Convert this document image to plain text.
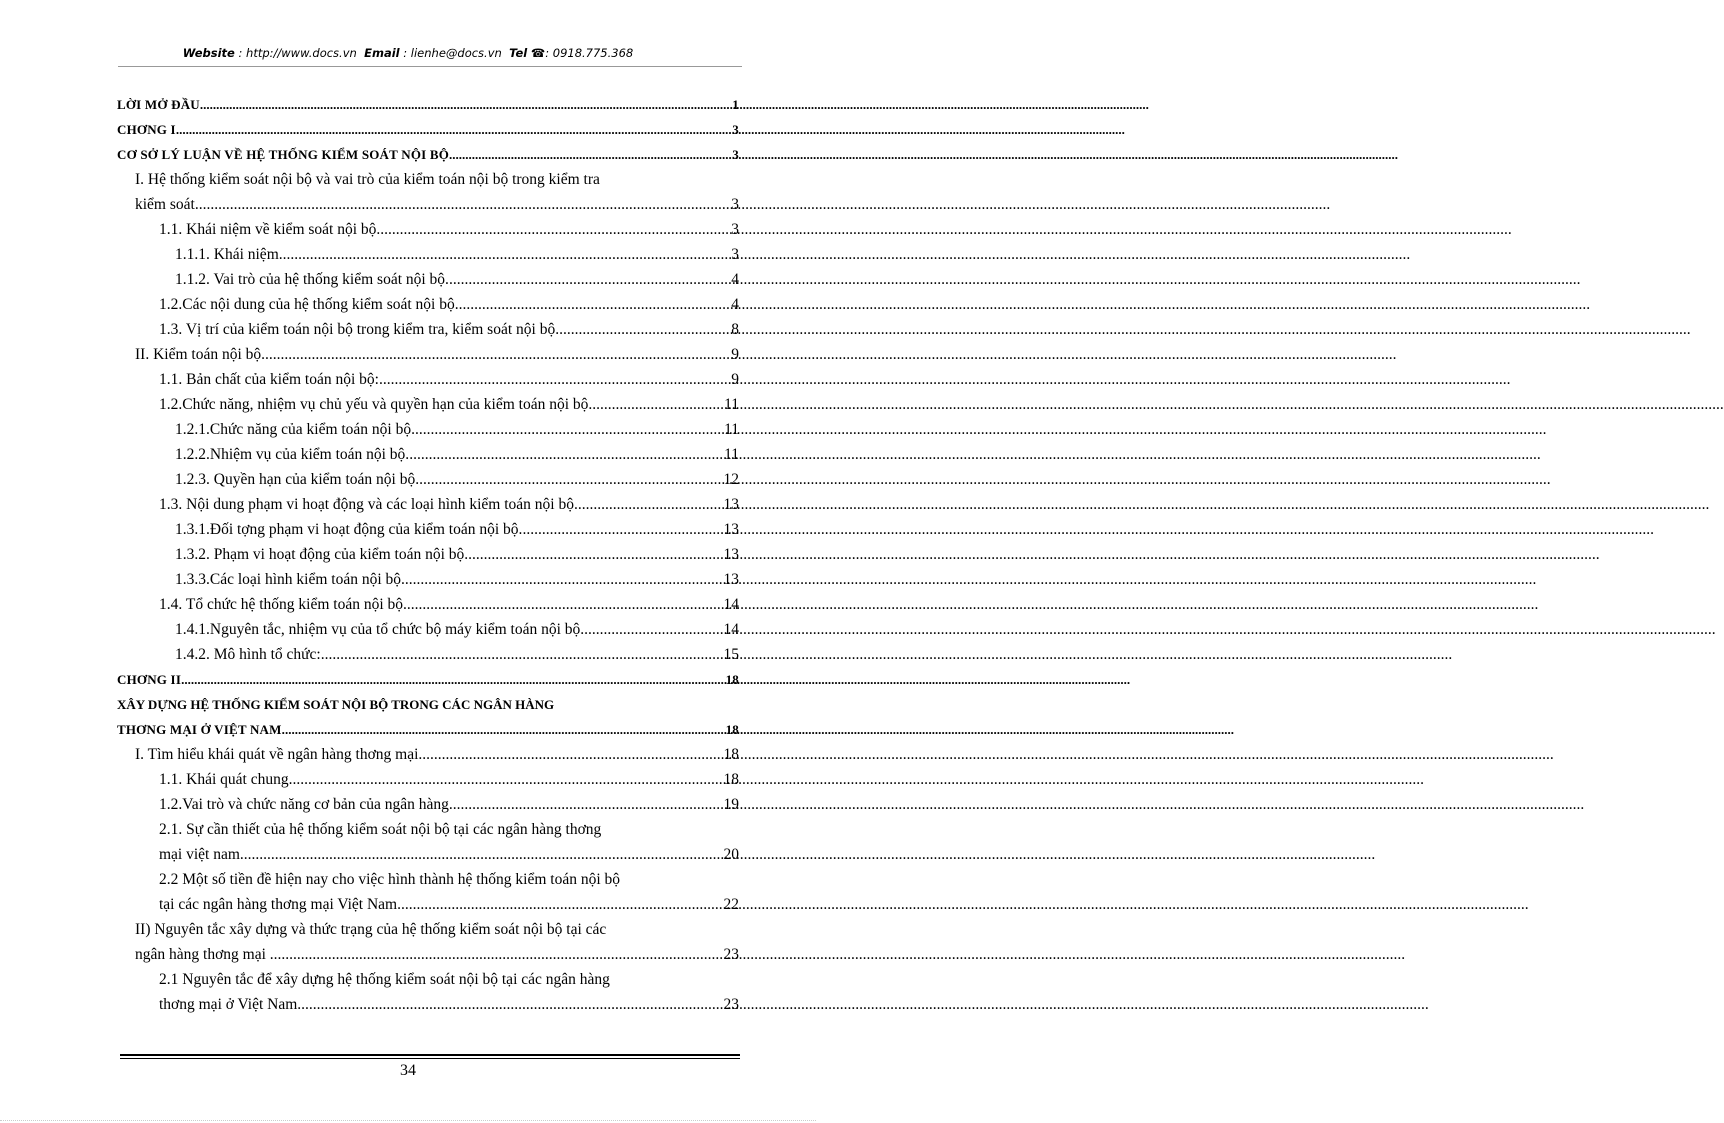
Website : http://www.docs.vn Email : lienhe@docs.vn Tel ☎: 0918.775.368
LỜI MỞ ĐẦU .....	1
CHƠNG I .....	3
CƠ SỞ LÝ LUẬN VỀ HỆ THỐNG KIỂM SOÁT NỘI BỘ .....	3
I. Hệ thống kiểm soát nội bộ và vai trò của kiểm toán nội bộ trong kiểm tra
kiểm soát. .....	3
1.1. Khái niệm về kiểm soát nội bộ. .....	3
1.1.1. Khái niệm .....	3
1.1.2. Vai trò của hệ thống kiểm soát nội bộ. .....	4
1.2.Các nội dung của hệ thống kiểm soát nội bộ. .....	4
1.3. Vị trí của kiểm toán nội bộ trong kiểm tra, kiểm soát nội bộ. .....	8
II. Kiểm toán nội bộ. .....	9
1.1. Bản chất của kiểm toán nội bộ: .....	9
1.2.Chức năng, nhiệm vụ chủ yếu và quyền hạn của kiểm toán nội bộ. .....	11
1.2.1.Chức năng của kiểm toán nội bộ. .....	11
1.2.2.Nhiệm vụ của kiểm toán nội bộ. .....	11
1.2.3. Quyền hạn của kiểm toán nội bộ. .....	12
1.3. Nội dung phạm vi hoạt động và các loại hình kiểm toán nội bộ. .....	13
1.3.1.Đối tợng phạm vi hoạt động của kiểm toán nội bộ. .....	13
1.3.2. Phạm vi hoạt động của kiểm toán nội bộ. .....	13
1.3.3.Các loại hình kiểm toán nội bộ. .....	13
1.4. Tổ chức hệ thống kiểm toán nội bộ. .....	14
1.4.1.Nguyên tắc, nhiệm vụ của tổ chức bộ máy kiểm toán nội bộ. .....	14
1.4.2. Mô hình tổ chức: .....	15
CHƠNG II .....	18
XÂY DỰNG HỆ THỐNG KIỂM SOÁT NỘI BỘ TRONG CÁC NGÂN HÀNG
THƠNG MẠI Ở VIỆT NAM. .....	18
I. Tìm hiểu khái quát về ngân hàng thơng mại. .....	18
1.1. Khái quát chung. .....	18
1.2.Vai trò và chức năng cơ bản của ngân hàng. .....	19
2.1. Sự cần thiết của hệ thống kiểm soát nội bộ tại các ngân hàng thơng
mại việt nam. .....	20
2.2 Một số tiền đề hiện nay cho việc hình thành hệ thống kiểm toán nội bộ
tại các ngân hàng thơng mại Việt Nam .....	22
II) Nguyên tắc xây dựng và thức trạng của hệ thống kiểm soát nội bộ tại các
ngân hàng thơng mại . .....	23
2.1 Nguyên tắc để xây dựng hệ thống kiểm soát nội bộ tại các ngân hàng
thơng mại ở Việt Nam .....	23
34
